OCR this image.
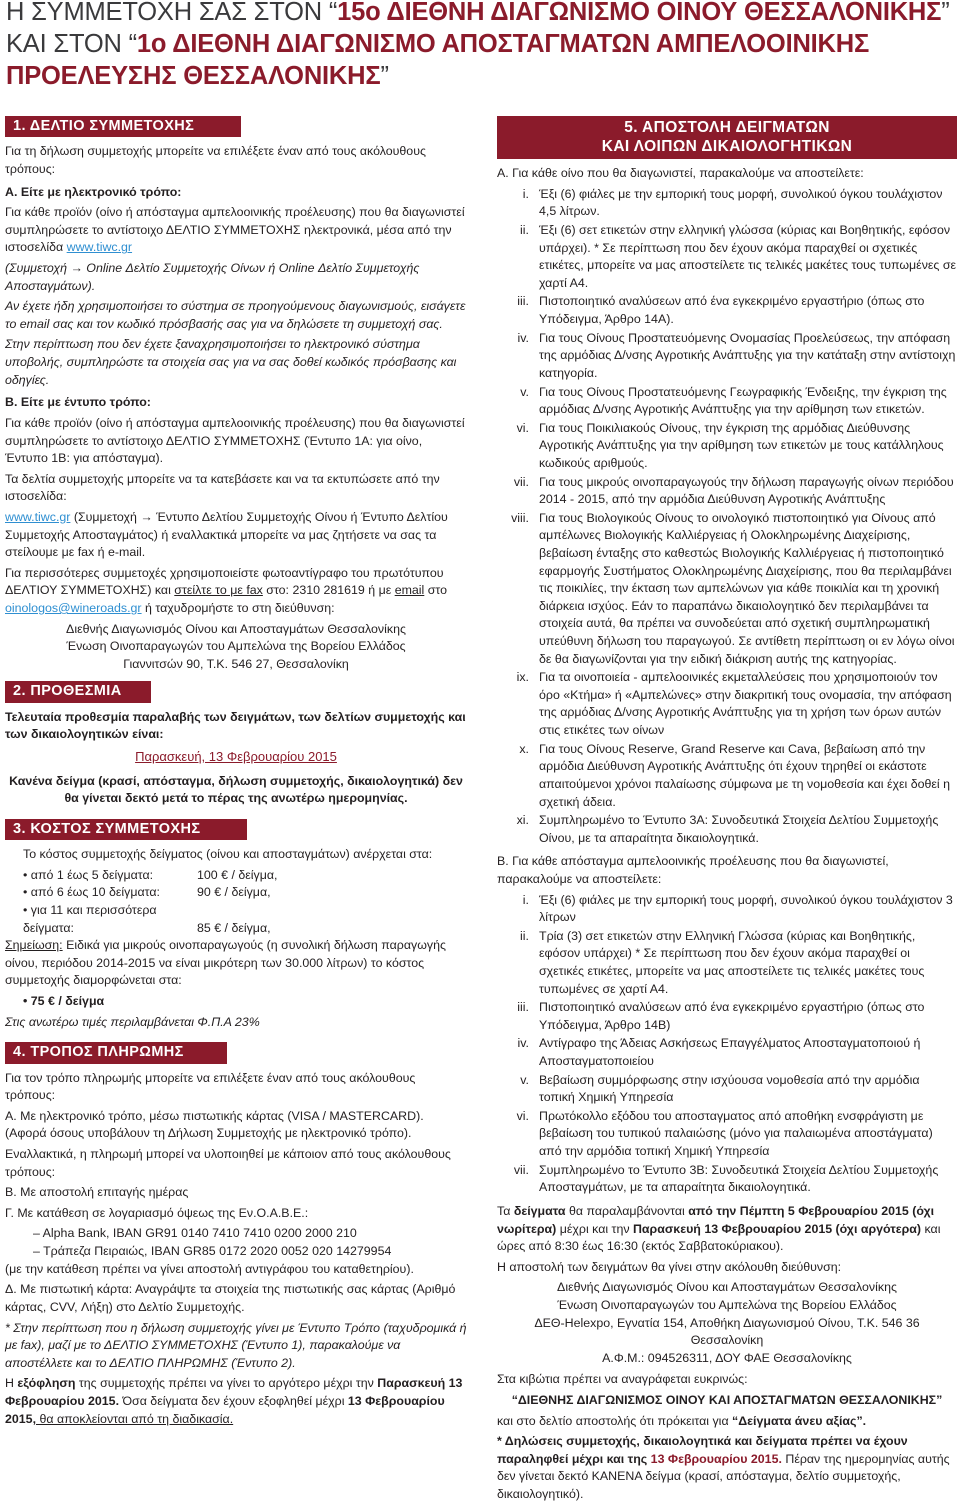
Η ΣΥΜΜΕΤΟΧΗ ΣΑΣ ΣΤΟΝ “15ο ΔΙΕΘΝΗ ΔΙΑΓΩΝΙΣΜΟ ΟΙΝΟΥ ΘΕΣΣΑΛΟΝΙΚΗΣ” ΚΑΙ ΣΤΟΝ “1ο ΔΙΕΘΝΗ ΔΙΑΓΩΝΙΣΜΟ ΑΠΟΣΤΑΓΜΑΤΩΝ ΑΜΠΕΛΟΟΙΝΙΚΗΣ ΠΡΟΕΛΕΥΣΗΣ ΘΕΣΣΑΛΟΝΙΚΗΣ”
1. ΔΕΛΤΙΟ ΣΥΜΜΕΤΟΧΗΣ

Για τη δήλωση συμμετοχής μπορείτε να επιλέξετε έναν από τους ακόλουθους τρόπους:

Α. Είτε με ηλεκτρονικό τρόπο:

Για κάθε προϊόν (οίνο ή απόσταγμα αμπελοοινικής προέλευσης) που θα διαγωνιστεί συμπληρώσετε το αντίστοιχο ΔΕΛΤΙΟ ΣΥΜΜΕΤΟΧΗΣ ηλεκτρονικά, μέσα από την ιστοσελίδα www.tiwc.gr

(Συμμετοχή → Online Δελτίο Συμμετοχής Οίνων ή Online Δελτίο Συμμετοχής Αποσταγμάτων).

Αν έχετε ήδη χρησιμοποιήσει το σύστημα σε προηγούμενους διαγωνισμούς, εισάγετε το email σας και τον κωδικό πρόσβασής σας για να δηλώσετε τη συμμετοχή σας.

Στην περίπτωση που δεν έχετε ξαναχρησιμοποιήσει το ηλεκτρονικό σύστημα υποβολής, συμπληρώστε τα στοιχεία σας για να σας δοθεί κωδικός πρόσβασης και οδηγίες.

Β. Είτε με έντυπο τρόπο:

Για κάθε προϊόν (οίνο ή απόσταγμα αμπελοοινικής προέλευσης) που θα διαγωνιστεί συμπληρώσετε το αντίστοιχο ΔΕΛΤΙΟ ΣΥΜΜΕΤΟΧΗΣ (Έντυπο 1Α: για οίνο, Έντυπο 1Β: για απόσταγμα).

Τα δελτία συμμετοχής μπορείτε να τα κατεβάσετε και να τα εκτυπώσετε από την ιστοσελίδα:

www.tiwc.gr (Συμμετοχή → Έντυπο Δελτίου Συμμετοχής Οίνου ή Έντυπο Δελτίου Συμμετοχής Αποσταγμάτος) ή εναλλακτικά μπορείτε να μας ζητήσετε να σας τα στείλουμε με fax ή e-mail.

Για περισσότερες συμμετοχές χρησιμοποιείστε φωτοαντίγραφο του πρωτότυπου ΔΕΛΤΙΟΥ ΣΥΜΜΕΤΟΧΗΣ) και στείλτε το με fax στο: 2310 281619 ή με email στο oinologos@wineroads.gr ή ταχυδρομήστε το στη διεύθυνση:

Διεθνής Διαγωνισμός Οίνου και Αποσταγμάτων Θεσσαλονίκης
Ένωση Οινοπαραγωγών του Αμπελώνα της Βορείου Ελλάδος
Γιαννιτσών 90, Τ.Κ. 546 27, Θεσσαλονίκη
2. ΠΡΟΘΕΣΜΙΑ

Τελευταία προθεσμία παραλαβής των δειγμάτων, των δελτίων συμμετοχής και των δικαιολογητικών είναι:

Παρασκευή, 13 Φεβρουαρίου 2015

Κανένα δείγμα (κρασί, απόσταγμα, δήλωση συμμετοχής, δικαιολογητικά) δεν θα γίνεται δεκτό μετά το πέρας της ανωτέρω ημερομηνίας.

3. ΚΟΣΤΟΣ ΣΥΜΜΕΤΟΧΗΣ

Το κόστος συμμετοχής δείγματος (οίνου και αποσταγμάτων) ανέρχεται στα:

• από 1 έως 5 δείγματα:	100 € / δείγμα,
• από 6 έως 10 δείγματα:	90 € / δείγμα,
• για 11 και περισσότερα δείγματα:	85 € / δείγμα,

Σημείωση: Ειδικά για μικρούς οινοπαραγωγούς (η συνολική δήλωση παραγωγής οίνου, περιόδου 2014-2015 να είναι μικρότερη των 30.000 λίτρων) το κόστος συμμετοχής διαμορφώνεται στα:

• 75 € / δείγμα

Στις ανωτέρω τιμές περιλαμβάνεται Φ.Π.Α 23%

4. ΤΡΟΠΟΣ ΠΛΗΡΩΜΗΣ

Για τον τρόπο πληρωμής μπορείτε να επιλέξετε έναν από τους ακόλουθους τρόπους:

Α. Με ηλεκτρονικό τρόπο, μέσω πιστωτικής κάρτας (VISA / MASTERCARD). (Αφορά όσους υποβάλουν τη Δήλωση Συμμετοχής με ηλεκτρονικό τρόπο).

Εναλλακτικά, η πληρωμή μπορεί να υλοποιηθεί με κάποιον από τους ακόλουθους τρόπους:

Β. Με αποστολή επιταγής ημέρας

Γ. Με κατάθεση σε λογαριασμό όψεως της Εν.Ο.Α.Β.Ε.:

– Alpha Bank, IBAN GR91 0140 7410 7410 0200 2000 210

– Τράπεζα Πειραιώς, IBAN GR85 0172 2020 0052 020 14279954

(με την κατάθεση πρέπει να γίνει αποστολή αντιγράφου του καταθετηρίου).

Δ. Με πιστωτική κάρτα: Αναγράψτε τα στοιχεία της πιστωτικής σας κάρτας (Αριθμό κάρτας, CVV, Λήξη) στο Δελτίο Συμμετοχής.

* Στην περίπτωση που η δήλωση συμμετοχής γίνει με Έντυπο Τρόπο (ταχυδρομικά ή με fax), μαζί με το ΔΕΛΤΙΟ ΣΥΜΜΕΤΟΧΗΣ (Έντυπο 1), παρακαλούμε να αποστέλλετε και το ΔΕΛΤΙΟ ΠΛΗΡΩΜΗΣ (Έντυπο 2).

Η εξόφληση της συμμετοχής πρέπει να γίνει το αργότερο μέχρι την Παρασκευή 13 Φεβρουαρίου 2015. Όσα δείγματα δεν έχουν εξοφληθεί μέχρι 13 Φεβρουαρίου 2015, θα αποκλείονται από τη διαδικασία.

5. ΑΠΟΣΤΟΛΗ ΔΕΙΓΜΑΤΩΝ
ΚΑΙ ΛΟΙΠΩΝ ΔΙΚΑΙΟΛΟΓΗΤΙΚΩΝ

Α. Για κάθε οίνο που θα διαγωνιστεί, παρακαλούμε να αποστείλετε:

i. Έξι (6) φιάλες με την εμπορική τους μορφή, συνολικού όγκου τουλάχιστον 4,5 λίτρων.
ii. Έξι (6) σετ ετικετών στην ελληνική γλώσσα (κύριας και Βοηθητικής, εφόσον υπάρχει). * Σε περίπτωση που δεν έχουν ακόμα παραχθεί οι σχετικές ετικέτες, μπορείτε να μας αποστείλετε τις τελικές μακέτες τους τυπωμένες σε χαρτί Α4.
iii. Πιστοποιητικό αναλύσεων από ένα εγκεκριμένο εργαστήριο (όπως στο Υπόδειγμα, Άρθρο 14Α).
iv. Για τους Οίνους Προστατευόμενης Ονομασίας Προελεύσεως, την απόφαση της αρμόδιας Δ/νσης Αγροτικής Ανάπτυξης για την κατάταξη στην αντίστοιχη κατηγορία.
v. Για τους Οίνους Προστατευόμενης Γεωγραφικής Ένδειξης, την έγκριση της αρμόδιας Δ/νσης Αγροτικής Ανάπτυξης για την αρίθμηση των ετικετών.
vi. Για τους Ποικιλιακούς Οίνους, την έγκριση της αρμόδιας Διεύθυνσης Αγροτικής Ανάπτυξης για την αρίθμηση των ετικετών με τους κατάλληλους κωδικούς αριθμούς.
vii. Για τους μικρούς οινοπαραγωγούς την δήλωση παραγωγής οίνων περιόδου 2014 - 2015, από την αρμόδια Διεύθυνση Αγροτικής Ανάπτυξης
viii. Για τους Βιολογικούς Οίνους το οινολογικό πιστοποιητικό για Οίνους από αμπέλωνες Βιολογικής Καλλιέργειας ή Ολοκληρωμένης Διαχείρισης, βεβαίωση ένταξης στο καθεστώς Βιολογικής Καλλιέργειας ή πιστοποιητικό εφαρμογής Συστήματος Ολοκληρωμένης Διαχείρισης, που θα περιλαμβάνει τις ποικιλίες, την έκταση των αμπελώνων για κάθε ποικιλία και τη χρονική διάρκεια ισχύος. Εάν το παραπάνω δικαιολογητικό δεν περιλαμβάνει τα στοιχεία αυτά, θα πρέπει να συνοδεύεται από σχετική συμπληρωματική υπεύθυνη δήλωση του παραγωγού. Σε αντίθετη περίπτωση οι εν λόγω οίνοι δε θα διαγωνίζονται για την ειδική διάκριση αυτής της κατηγορίας.
ix. Για τα οινοποιεία - αμπελοοινικές εκμεταλλεύσεις που χρησιμοποιούν τον όρο «Κτήμα» ή «Αμπελώνες» στην διακριτική τους ονομασία, την απόφαση της αρμόδιας Δ/νσης Αγροτικής Ανάπτυξης για τη χρήση των όρων αυτών στις ετικέτες των οίνων
x. Για τους Οίνους Reserve, Grand Reserve και Cava, βεβαίωση από την αρμόδια Διεύθυνση Αγροτικής Ανάπτυξης ότι έχουν τηρηθεί οι εκάστοτε απαιτούμενοι χρόνοι παλαίωσης σύμφωνα με τη νομοθεσία και έχει δοθεί η σχετική άδεια.
xi. Συμπληρωμένο το Έντυπο 3Α: Συνοδευτικά Στοιχεία Δελτίου Συμμετοχής Οίνου, με τα απαραίτητα δικαιολογητικά.

Β. Για κάθε απόσταγμα αμπελοοινικής προέλευσης που θα διαγωνιστεί, παρακαλούμε να αποστείλετε:

i. Έξι (6) φιάλες με την εμπορική τους μορφή, συνολικού όγκου τουλάχιστον 3 λίτρων
ii. Τρία (3) σετ ετικετών στην Ελληνική Γλώσσα (κύριας και Βοηθητικής, εφόσον υπάρχει) * Σε περίπτωση που δεν έχουν ακόμα παραχθεί οι σχετικές ετικέτες, μπορείτε να μας αποστείλετε τις τελικές μακέτες τους τυπωμένες σε χαρτί Α4.
iii. Πιστοποιητικό αναλύσεων από ένα εγκεκριμένο εργαστήριο (όπως στο Υπόδειγμα, Άρθρο 14Β)
iv. Αντίγραφο της Άδειας Ασκήσεως Επαγγέλματος Αποσταγματοποιού ή Αποσταγματοποιείου
v. Βεβαίωση συμμόρφωσης στην ισχύουσα νομοθεσία από την αρμόδια τοπική Χημική Υπηρεσία
vi. Πρωτόκολλο εξόδου του αποσταγματος από αποθήκη ενσφράγιστη με βεβαίωση του τυπικού παλαιώσης (μόνο για παλαιωμένα αποστάγματα) από την αρμόδια τοπική Χημική Υπηρεσία
vii. Συμπληρωμένο το Έντυπο 3Β: Συνοδευτικά Στοιχεία Δελτίου Συμμετοχής Αποσταγμάτων, με τα απαραίτητα δικαιολογητικά.

Τα δείγματα θα παραλαμβάνονται από την Πέμπτη 5 Φεβρουαρίου 2015 (όχι νωρίτερα) μέχρι και την Παρασκευή 13 Φεβρουαρίου 2015 (όχι αργότερα) και ώρες από 8:30 έως 16:30 (εκτός Σαββατοκύριακου).

Η αποστολή των δειγμάτων θα γίνει στην ακόλουθη διεύθυνση:

Διεθνής Διαγωνισμός Οίνου και Αποσταγμάτων Θεσσαλονίκης
Ένωση Οινοπαραγωγών του Αμπελώνα της Βορείου Ελλάδος
ΔΕΘ-Helexpo, Εγνατία 154, Αποθήκη Διαγωνισμού Οίνου, Τ.Κ. 546 36 Θεσσαλονίκη
Α.Φ.Μ.: 094526311, ΔΟΥ ΦΑΕ Θεσσαλονίκης

Στα κιβώτια πρέπει να αναγράφεται ευκρινώς:

“ΔΙΕΘΝΗΣ ΔΙΑΓΩΝΙΣΜΟΣ ΟΙΝΟΥ ΚΑΙ ΑΠΟΣΤΑΓΜΑΤΩΝ ΘΕΣΣΑΛΟΝΙΚΗΣ”

και στο δελτίο αποστολής ότι πρόκειται για “Δείγματα άνευ αξίας”.

* Δηλώσεις συμμετοχής, δικαιολογητικά και δείγματα πρέπει να έχουν παραληφθεί μέχρι και της 13 Φεβρουαρίου 2015. Πέραν της ημερομηνίας αυτής δεν γίνεται δεκτό ΚΑΝΕΝΑ δείγμα (κρασί, απόσταγμα, δελτίο συμμετοχής, δικαιολογητικό).
